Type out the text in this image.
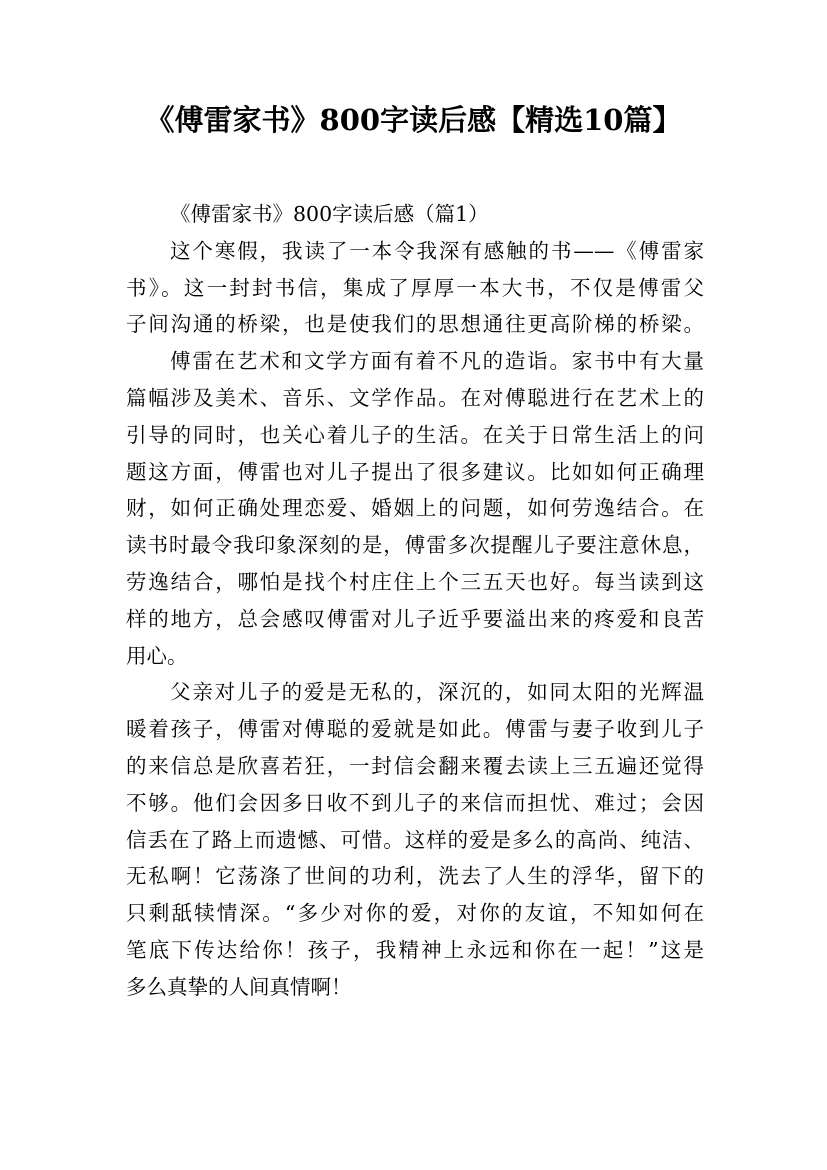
《傅雷家书》800字读后感【精选10篇】
《傅雷家书》800字读后感（篇1）
这个寒假，我读了一本令我深有感触的书——《傅雷家
书》。这一封封书信，集成了厚厚一本大书，不仅是傅雷父
子间沟通的桥梁，也是使我们的思想通往更高阶梯的桥梁。
傅雷在艺术和文学方面有着不凡的造诣。家书中有大量
篇幅涉及美术、音乐、文学作品。在对傅聪进行在艺术上的
引导的同时，也关心着儿子的生活。在关于日常生活上的问
题这方面，傅雷也对儿子提出了很多建议。比如如何正确理
财，如何正确处理恋爱、婚姻上的问题，如何劳逸结合。在
读书时最令我印象深刻的是，傅雷多次提醒儿子要注意休息，
劳逸结合，哪怕是找个村庄住上个三五天也好。每当读到这
样的地方，总会感叹傅雷对儿子近乎要溢出来的疼爱和良苦
用心。
父亲对儿子的爱是无私的，深沉的，如同太阳的光辉温
暖着孩子，傅雷对傅聪的爱就是如此。傅雷与妻子收到儿子
的来信总是欣喜若狂，一封信会翻来覆去读上三五遍还觉得
不够。他们会因多日收不到儿子的来信而担忧、难过；会因
信丢在了路上而遗憾、可惜。这样的爱是多么的高尚、纯洁、
无私啊！它荡涤了世间的功利，洗去了人生的浮华，留下的
只剩舐犊情深。“多少对你的爱，对你的友谊，不知如何在
笔底下传达给你！孩子，我精神上永远和你在一起！”这是
多么真挚的人间真情啊！
